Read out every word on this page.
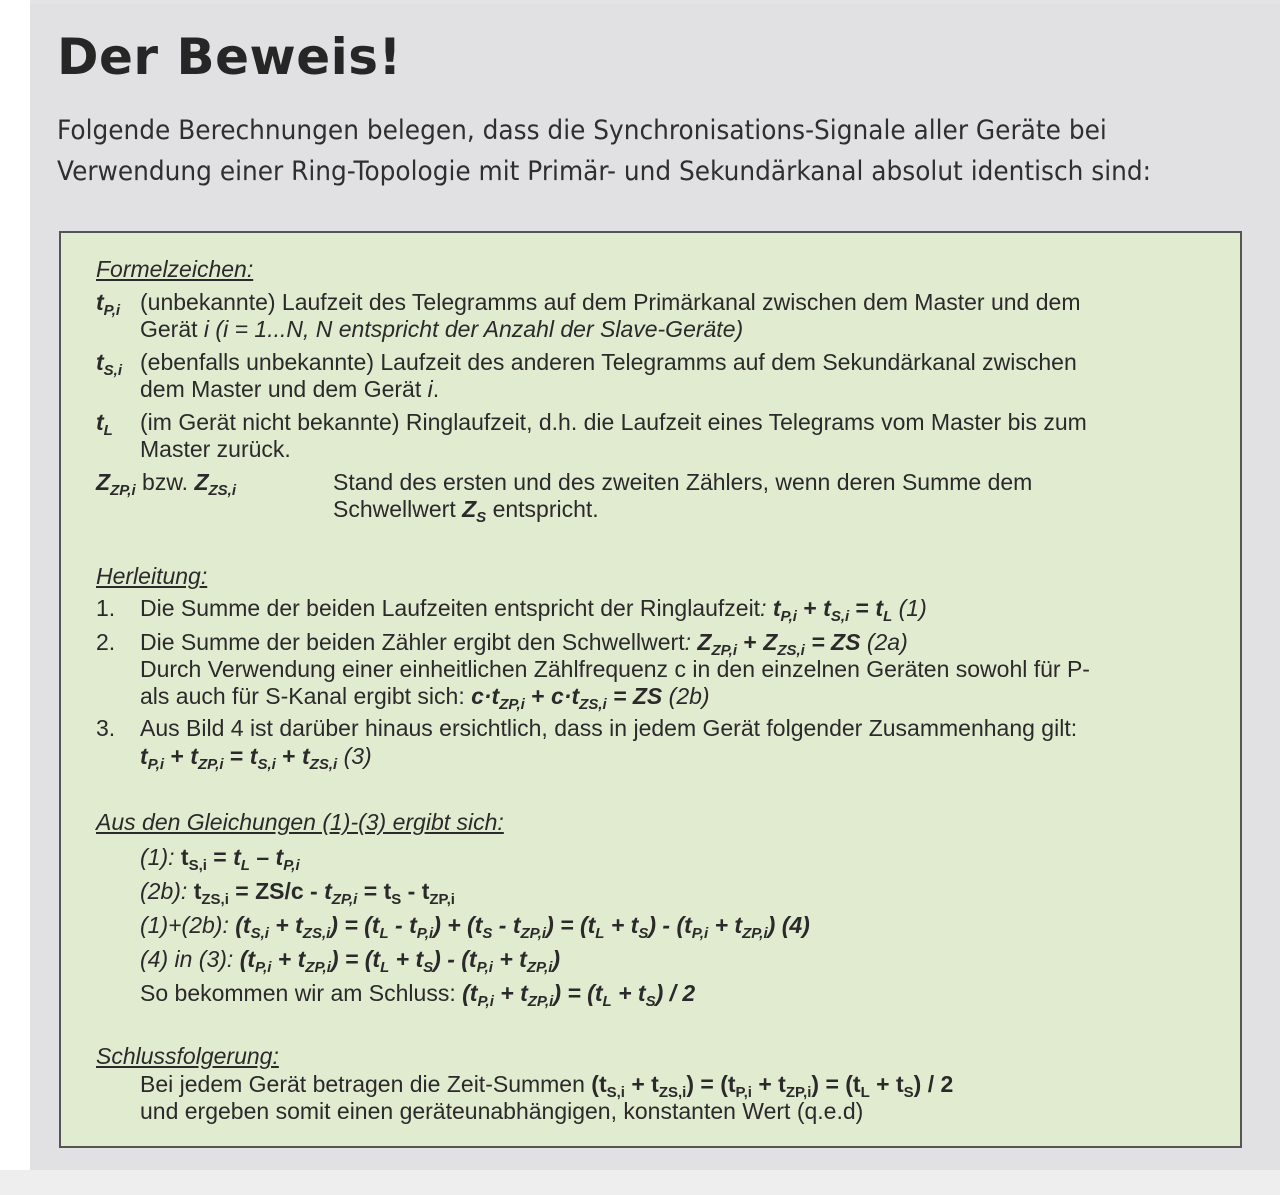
Der Beweis!

Folgende Berechnungen belegen, dass die Synchronisations-Signale aller Geräte bei

Verwendung einer Ring-Topologie mit Primär- und Sekundärkanal absolut identisch sind:

Formelzeichen:
$t_{P,i}$ (unbekannte) Laufzeit des Telegramms auf dem Primärkanal zwischen dem Master und dem
Gerät i (i = 1...N, N entspricht der Anzahl der Slave-Geräte)
$t_{S,i}$ (ebenfalls unbekannte) Laufzeit des anderen Telegramms auf dem Sekundärkanal zwischen
dem Master und dem Gerät i.
$t_L$ (im Gerät nicht bekannte) Ringlaufzeit, d.h. die Laufzeit eines Telegrams vom Master bis zum
Master zurück.
$Z_{ZP,i}$ bzw. $Z_{ZS,i}$	Stand des ersten und des zweiten Zählers, wenn deren Summe dem
Schwellwert $Z_S$ entspricht.
Herleitung:
1. Die Summe der beiden Laufzeiten entspricht der Ringlaufzeit: $t_{P,i} + t_{S,i} = t_L$ (1)
2. Die Summe der beiden Zähler ergibt den Schwellwert: $Z_{ZP,i} + Z_{ZS,i}$ = ZS (2a)
Durch Verwendung einer einheitlichen Zählfrequenz c in den einzelnen Geräten sowohl für P-
als auch für S-Kanal ergibt sich: $c\cdot t_{ZP,i} + c\cdot t_{ZS,i}$ = ZS (2b)
3. Aus Bild 4 ist darüber hinaus ersichtlich, dass in jedem Gerät folgender Zusammenhang gilt:
$t_{P,i} + t_{ZP,i} = t_{S,i} + t_{ZS,i}$ (3)
Aus den Gleichungen (1)-(3) ergibt sich:
(1): $t_{S,i} = t_L - t_{P,i}$
(2b): $t_{ZS,i} = ZS/c - t_{ZP,i} = t_S - t_{ZP,i}$
(1)+(2b): $(t_{S,i} + t_{ZS,i}) = (t_L - t_{P,i}) + (t_S - t_{ZP,i}) = (t_L + t_S) - (t_{P,i} + t_{ZP,i})$ (4)
(4) in (3): $(t_{P,i} + t_{ZP,i}) = (t_L + t_S) - (t_{P,i} + t_{ZP,i})$
So bekommen wir am Schluss: $(t_{P,i} + t_{ZP,i}) = (t_L + t_S) / 2$
Schlussfolgerung:
Bei jedem Gerät betragen die Zeit-Summen $(t_{S,i} + t_{ZS,i}) = (t_{P,i} + t_{ZP,i}) = (t_L + t_S) / 2$
und ergeben somit einen geräteunabhängigen, konstanten Wert (q.e.d)
